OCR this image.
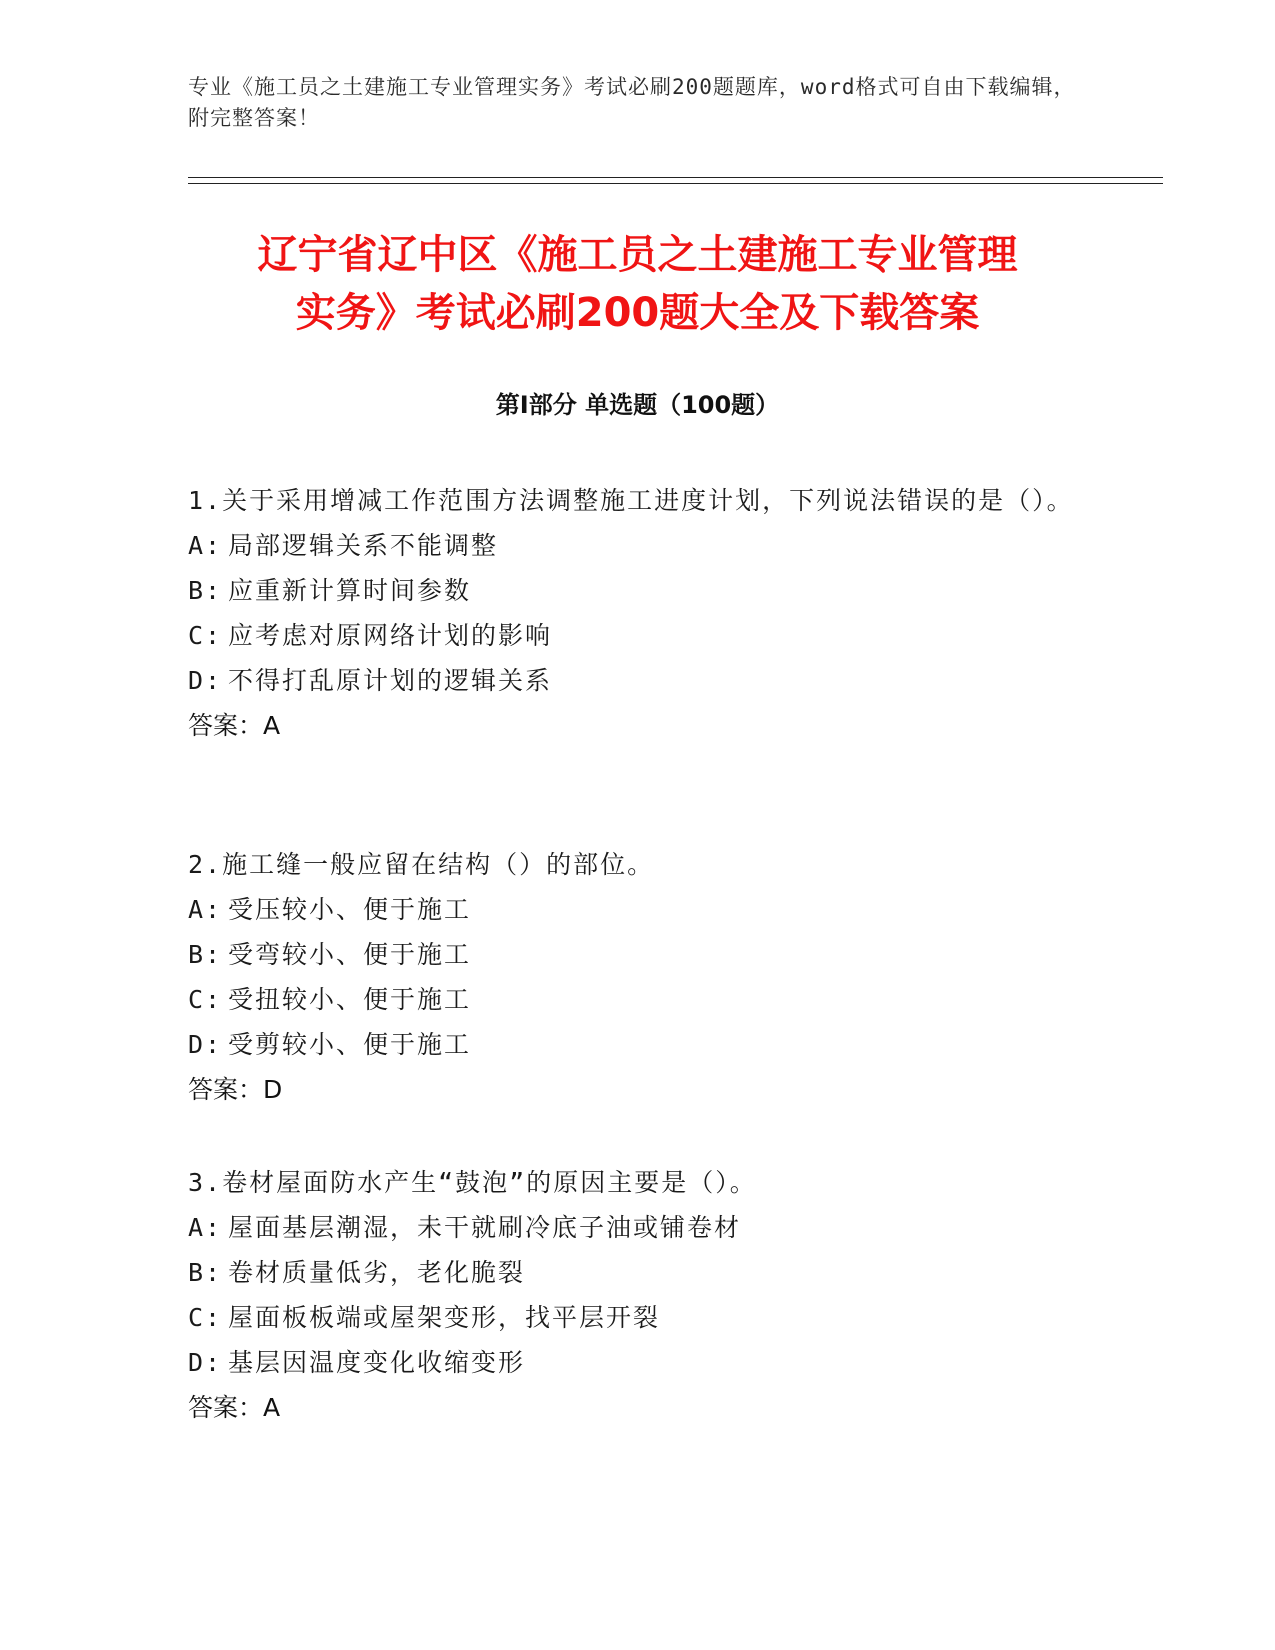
专业《施工员之土建施工专业管理实务》考试必刷200题题库，word格式可自由下载编辑，附完整答案！
辽宁省辽中区《施工员之土建施工专业管理
实务》考试必刷200题大全及下载答案
第I部分 单选题（100题）

1.关于采用增减工作范围方法调整施工进度计划，下列说法错误的是（）。

A: 局部逻辑关系不能调整

B: 应重新计算时间参数

C: 应考虑对原网络计划的影响

D: 不得打乱原计划的逻辑关系

答案：A

2.施工缝一般应留在结构（）的部位。

A: 受压较小、便于施工

B: 受弯较小、便于施工

C: 受扭较小、便于施工

D: 受剪较小、便于施工

答案：D

3.卷材屋面防水产生“鼓泡”的原因主要是（）。

A: 屋面基层潮湿，未干就刷冷底子油或铺卷材

B: 卷材质量低劣，老化脆裂

C: 屋面板板端或屋架变形，找平层开裂

D: 基层因温度变化收缩变形

答案：A
